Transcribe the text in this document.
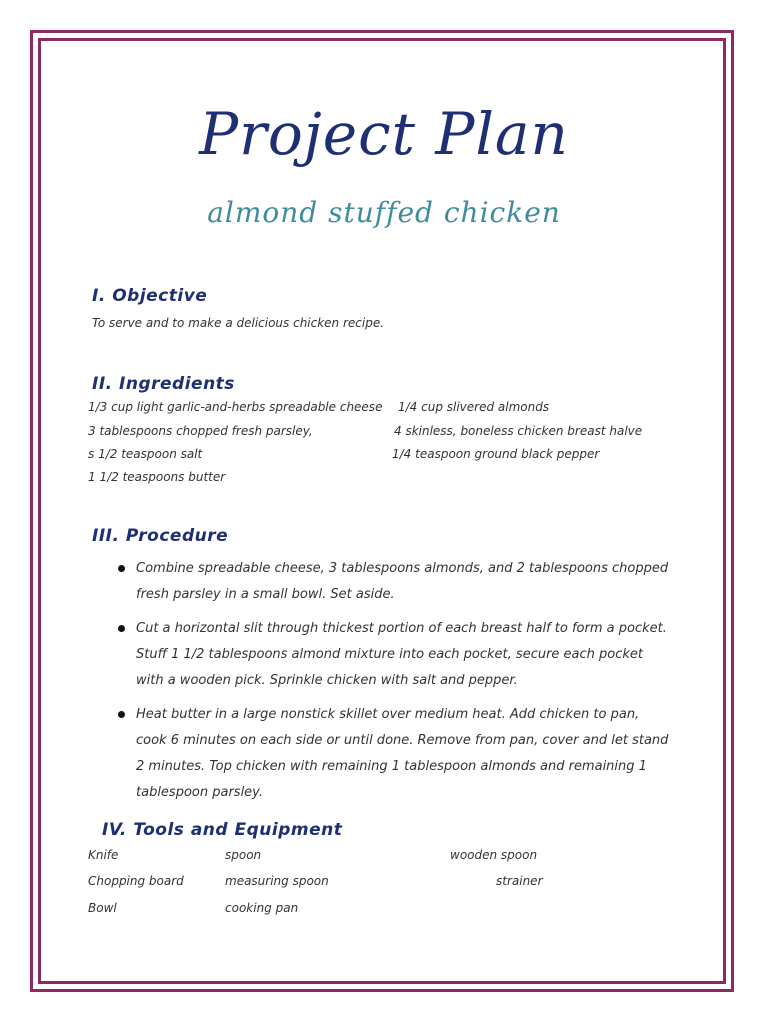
Project Plan

almond stuffed chicken

I. Objective

To serve and to make a delicious chicken recipe.

II. Ingredients

1/3 cup light garlic-and-herbs spreadable cheese

3 tablespoons chopped fresh parsley,

s 1/2 teaspoon salt

1 1/2 teaspoons butter

1/4 cup slivered almonds

4 skinless, boneless chicken breast halve

1/4 teaspoon ground black pepper

III. Procedure
Combine spreadable cheese, 3 tablespoons almonds, and 2 tablespoons chopped fresh parsley in a small bowl. Set aside.
Cut a horizontal slit through thickest portion of each breast half to form a pocket. Stuff 1 1/2 tablespoons almond mixture into each pocket, secure each pocket with a wooden pick. Sprinkle chicken with salt and pepper.
Heat butter in a large nonstick skillet over medium heat. Add chicken to pan, cook 6 minutes on each side or until done. Remove from pan, cover and let stand 2 minutes. Top chicken with remaining 1 tablespoon almonds and remaining 1 tablespoon parsley.
IV. Tools and Equipment

Knife

Chopping board

Bowl

spoon

measuring spoon

cooking pan

wooden spoon

strainer
